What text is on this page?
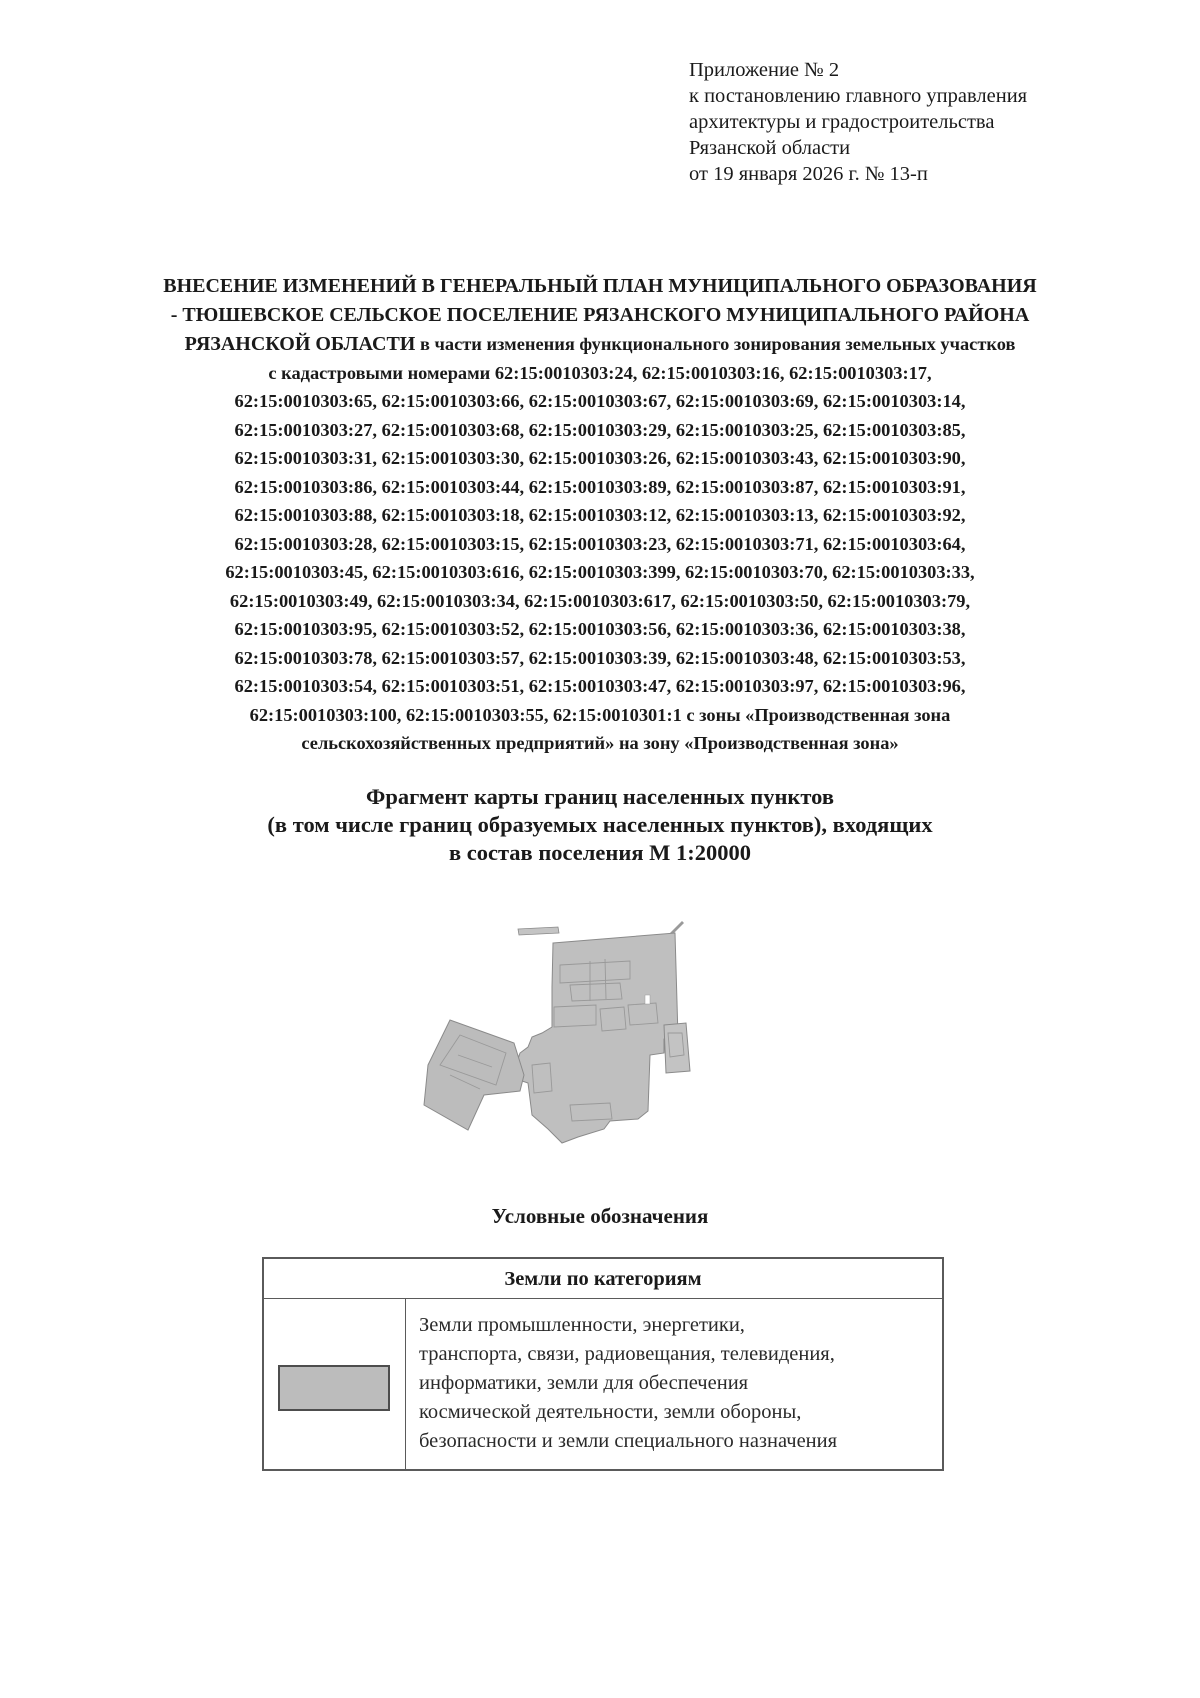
Приложение № 2
к постановлению главного управления
архитектуры и градостроительства
Рязанской области
от 19 января 2026 г. № 13-п
ВНЕСЕНИЕ ИЗМЕНЕНИЙ В ГЕНЕРАЛЬНЫЙ ПЛАН МУНИЦИПАЛЬНОГО ОБРАЗОВАНИЯ
- ТЮШЕВСКОЕ СЕЛЬСКОЕ ПОСЕЛЕНИЕ РЯЗАНСКОГО МУНИЦИПАЛЬНОГО РАЙОНА
РЯЗАНСКОЙ ОБЛАСТИ в части изменения функционального зонирования земельных участков
с кадастровыми номерами 62:15:0010303:24, 62:15:0010303:16, 62:15:0010303:17,
62:15:0010303:65, 62:15:0010303:66, 62:15:0010303:67, 62:15:0010303:69, 62:15:0010303:14,
62:15:0010303:27, 62:15:0010303:68, 62:15:0010303:29, 62:15:0010303:25, 62:15:0010303:85,
62:15:0010303:31, 62:15:0010303:30, 62:15:0010303:26, 62:15:0010303:43, 62:15:0010303:90,
62:15:0010303:86, 62:15:0010303:44, 62:15:0010303:89, 62:15:0010303:87, 62:15:0010303:91,
62:15:0010303:88, 62:15:0010303:18, 62:15:0010303:12, 62:15:0010303:13, 62:15:0010303:92,
62:15:0010303:28, 62:15:0010303:15, 62:15:0010303:23, 62:15:0010303:71, 62:15:0010303:64,
62:15:0010303:45, 62:15:0010303:616, 62:15:0010303:399, 62:15:0010303:70, 62:15:0010303:33,
62:15:0010303:49, 62:15:0010303:34, 62:15:0010303:617, 62:15:0010303:50, 62:15:0010303:79,
62:15:0010303:95, 62:15:0010303:52, 62:15:0010303:56, 62:15:0010303:36, 62:15:0010303:38,
62:15:0010303:78, 62:15:0010303:57, 62:15:0010303:39, 62:15:0010303:48, 62:15:0010303:53,
62:15:0010303:54, 62:15:0010303:51, 62:15:0010303:47, 62:15:0010303:97, 62:15:0010303:96,
62:15:0010303:100, 62:15:0010303:55, 62:15:0010301:1 с зоны «Производственная зона
сельскохозяйственных предприятий» на зону «Производственная зона»
Фрагмент карты границ населенных пунктов
(в том числе границ образуемых населенных пунктов), входящих
в состав поселения М 1:20000
Условные обозначения
Земли по категориям
Земли промышленности, энергетики,
транспорта, связи, радиовещания, телевидения,
информатики, земли для обеспечения
космической деятельности, земли обороны,
безопасности и земли специального назначения
